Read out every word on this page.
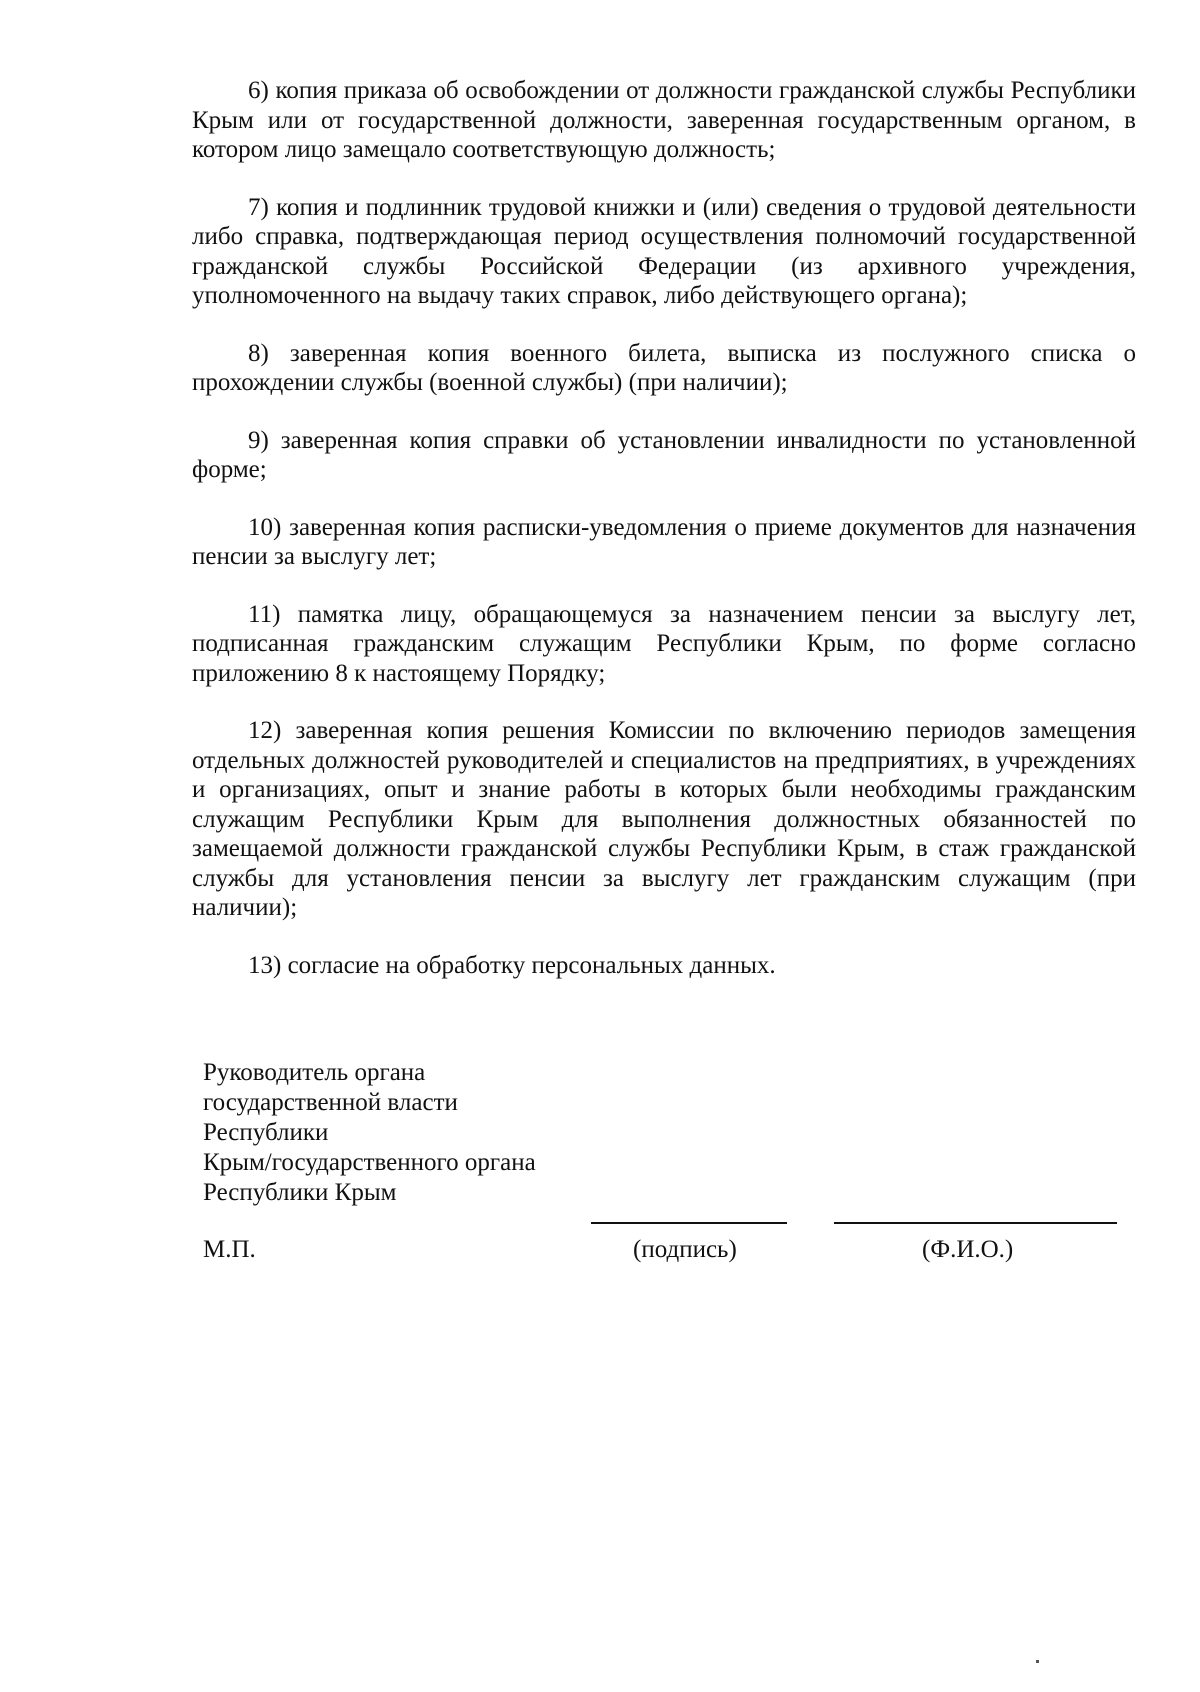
6) копия приказа об освобождении от должности гражданской службы Республики Крым или от государственной должности, заверенная государственным органом, в котором лицо замещало соответствующую должность;

7) копия и подлинник трудовой книжки и (или) сведения о трудовой деятельности либо справка, подтверждающая период осуществления полномочий государственной гражданской службы Российской Федерации (из архивного учреждения, уполномоченного на выдачу таких справок, либо действующего органа);

8) заверенная копия военного билета, выписка из послужного списка о прохождении службы (военной службы) (при наличии);

9) заверенная копия справки об установлении инвалидности по установленной форме;

10) заверенная копия расписки-уведомления о приеме документов для назначения пенсии за выслугу лет;

11) памятка лицу, обращающемуся за назначением пенсии за выслугу лет, подписанная гражданским служащим Республики Крым, по форме согласно приложению 8 к настоящему Порядку;

12) заверенная копия решения Комиссии по включению периодов замещения отдельных должностей руководителей и специалистов на предприятиях, в учреждениях и организациях, опыт и знание работы в которых были необходимы гражданским служащим Республики Крым для выполнения должностных обязанностей по замещаемой должности гражданской службы Республики Крым, в стаж гражданской службы для установления пенсии за выслугу лет гражданским служащим (при наличии);

13) согласие на обработку персональных данных.

Руководитель органа
государственной власти
Республики
Крым/государственного органа
Республики Крым
М.П.	(подпись)	(Ф.И.О.)
